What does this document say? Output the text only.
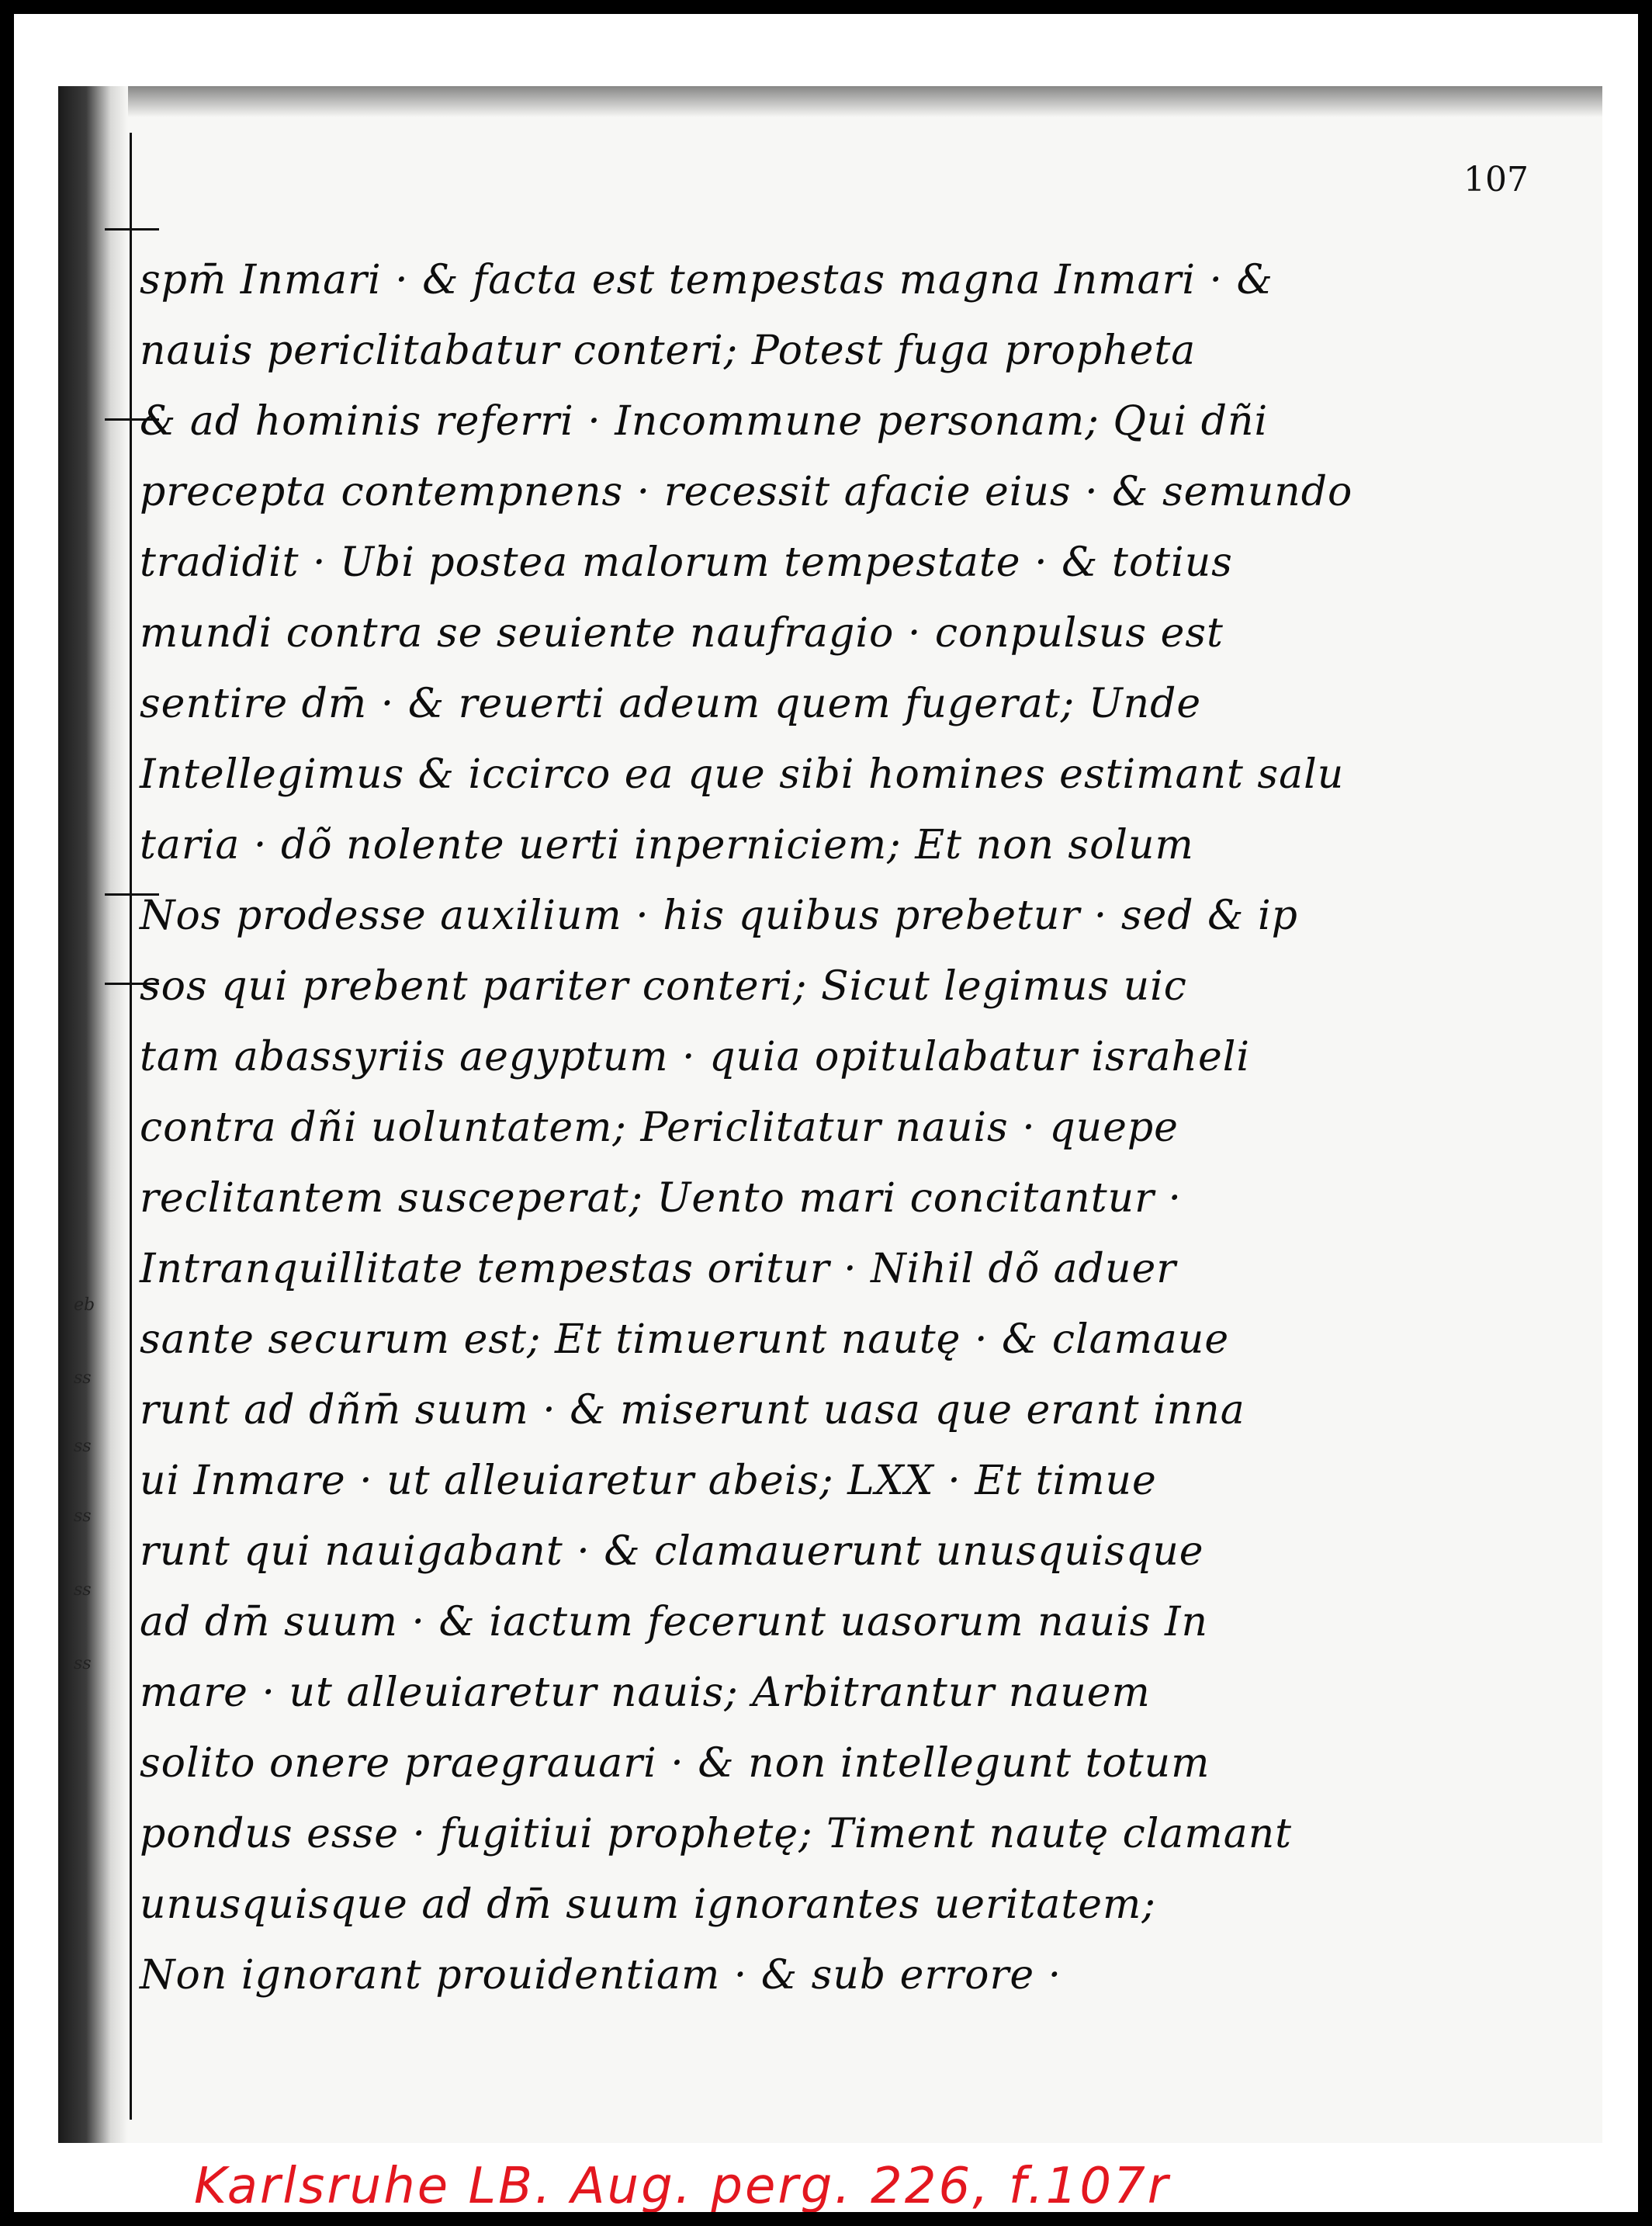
107
eb
ss
ss
ss
ss
ss
spm̄ Inmari · & facta est tempestas magna Inmari · &
nauis periclitabatur conteri; Potest fuga propheta
& ad hominis referri · Incommune personam; Qui dñi
precepta contempnens · recessit afacie eius · & semundo
tradidit · Ubi postea malorum tempestate · & totius
mundi contra se seuiente naufragio · conpulsus est
sentire dm̄ · & reuerti adeum quem fugerat; Unde
Intellegimus & iccirco ea que sibi homines estimant salu
taria · dõ nolente uerti inperniciem; Et non solum
Nos prodesse auxilium · his quibus prebetur · sed & ip
sos qui prebent pariter conteri; Sicut legimus uic
tam abassyriis aegyptum · quia opitulabatur israheli
contra dñi uoluntatem; Periclitatur nauis · quepe
reclitantem susceperat; Uento mari concitantur ·
Intranquillitate tempestas oritur · Nihil dõ aduer
sante securum est; Et timuerunt nautę · & clamaue
runt ad dñm̄ suum · & miserunt uasa que erant inna
ui Inmare · ut alleuiaretur abeis; LXX · Et timue
runt qui nauigabant · & clamauerunt unusquisque
ad dm̄ suum · & iactum fecerunt uasorum nauis In
mare · ut alleuiaretur nauis; Arbitrantur nauem
solito onere praegrauari · & non intellegunt totum
pondus esse · fugitiui prophetę; Timent nautę clamant
unusquisque ad dm̄ suum ignorantes ueritatem;
Non ignorant prouidentiam · & sub errore ·
Karlsruhe LB. Aug. perg. 226, f.107r
